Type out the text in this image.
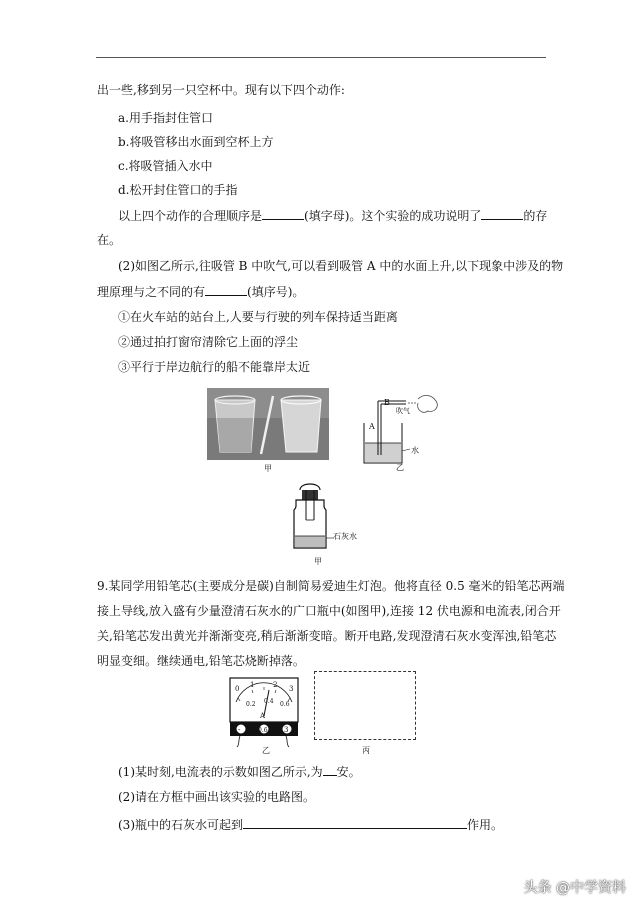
出一些,移到另一只空杯中。现有以下四个动作:
a.用手指封住管口
b.将吸管移出水面到空杯上方
c.将吸管插入水中
d.松开封住管口的手指
以上四个动作的合理顺序是	(填字母)。这个实验的成功说明了	的存
在。
(2)如图乙所示,往吸管 B 中吹气,可以看到吸管 A 中的水面上升,以下现象中涉及的物
理原理与之不同的有	(填序号)。
①在火车站的站台上,人要与行驶的列车保持适当距离
②通过拍打窗帘清除它上面的浮尘
③平行于岸边航行的船不能靠岸太近
甲
B
吹气
A
水
乙
石灰水
甲
9.某同学用铅笔芯(主要成分是碳)自制简易爱迪生灯泡。他将直径 0.5 毫米的铅笔芯两端
接上导线,放入盛有少量澄清石灰水的广口瓶中(如图甲),连接 12 伏电源和电流表,闭合开
关,铅笔芯发出黄光并渐渐变亮,稍后渐渐变暗。断开电路,发现澄清石灰水变浑浊,铅笔芯
明显变细。继续通电,铅笔芯烧断掉落。
0 1	2 3
0.2 0.4 0.6
A
-	0.6 3
乙	丙
(1)某时刻,电流表的示数如图乙所示,为 安。
(2)请在方框中画出该实验的电路图。
(3)瓶中的石灰水可起到	作用。
头条 @中学资料
